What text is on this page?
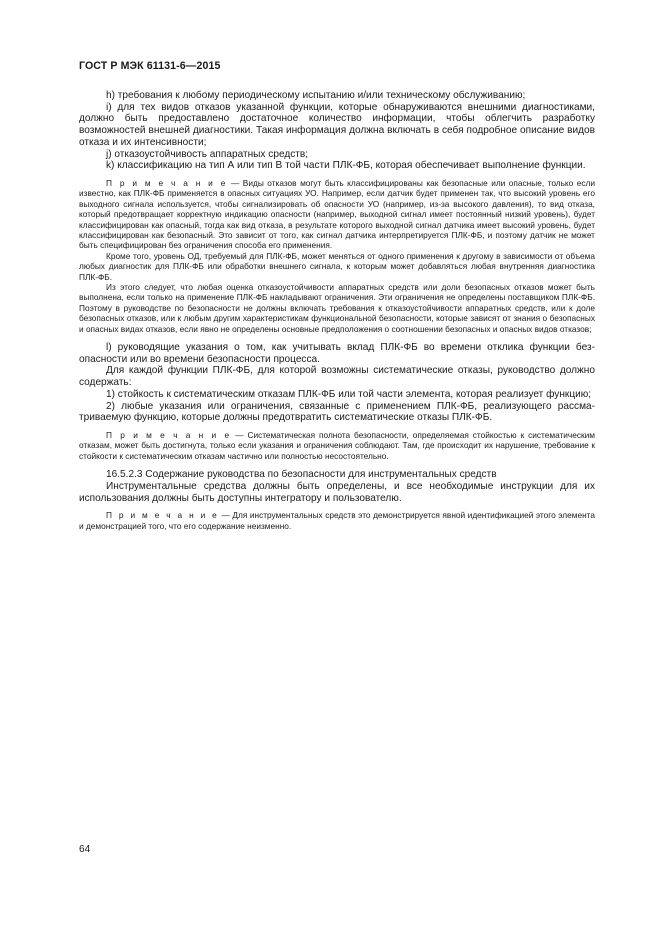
ГОСТ Р МЭК 61131-6—2015

h) требования к любому периодическому испытанию и/или техническому обслуживанию;

i) для тех видов отказов указанной функции, которые обнаруживаются внешними диагностиками, должно быть предоставлено достаточное количество информации, чтобы облегчить разработку возможностей внешней диагностики. Такая информация должна включать в себя подробное описание видов отказа и их интенсивности;

j) отказоустойчивость аппаратных средств;

k) классификацию на тип А или тип В той части ПЛК-ФБ, которая обеспечивает выполнение функции.

П р и м е ч а н и е — Виды отказов могут быть классифицированы как безопасные или опасные, только если известно, как ПЛК-ФБ применяется в опасных ситуациях УО. Например, если датчик будет применен так, что высокий уровень его выходного сигнала используется, чтобы сигнализировать об опасности УО (например, из-за высокого давления), то вид отказа, который предотвращает корректную индикацию опасности (например, выходной сигнал имеет постоянный низкий уровень), будет классифицирован как опасный, тогда как вид отказа, в результате которого выходной сигнал датчика имеет высокий уровень, будет классифицирован как безопасный. Это зависит от того, как сигнал датчика интерпретируется ПЛК-ФБ, и поэтому датчик не может быть специфицирован без ограничения способа его применения.

Кроме того, уровень ОД, требуемый для ПЛК-ФБ, может меняться от одного применения к другому в зависимости от объема любых диагностик для ПЛК-ФБ или обработки внешнего сигнала, к которым может добавляться любая внутренняя диагностика ПЛК-ФБ.

Из этого следует, что любая оценка отказоустойчивости аппаратных средств или доли безопасных отказов может быть выполнена, если только на применение ПЛК-ФБ накладывают ограничения. Эти ограничения не определены поставщиком ПЛК-ФБ. Поэтому в руководстве по безопасности не должны включать требования к отказоустойчивости аппаратных средств, или к доле безопасных отказов, или к любым другим характеристикам функциональной безопасности, которые зависят от знания о безопасных и опасных видах отказов, если явно не определены основные предположения о соотношении безопасных и опасных видов отказов;

l) руководящие указания о том, как учитывать вклад ПЛК-ФБ во времени отклика функции безопасности или во времени безопасности процесса.

Для каждой функции ПЛК-ФБ, для которой возможны систематические отказы, руководство должно содержать:

1) стойкость к систематическим отказам ПЛК-ФБ или той части элемента, которая реализует функцию;

2) любые указания или ограничения, связанные с применением ПЛК-ФБ, реализующего рассматриваемую функцию, которые должны предотвратить систематические отказы ПЛК-ФБ.

П р и м е ч а н и е — Систематическая полнота безопасности, определяемая стойкостью к систематическим отказам, может быть достигнута, только если указания и ограничения соблюдают. Там, где происходит их нарушение, требование к стойкости к систематическим отказам частично или полностью несостоятельно.

16.5.2.3 Содержание руководства по безопасности для инструментальных средств

Инструментальные средства должны быть определены, и все необходимые инструкции для их использования должны быть доступны интегратору и пользователю.

П р и м е ч а н и е — Для инструментальных средств это демонстрируется явной идентификацией этого элемента и демонстрацией того, что его содержание неизменно.

64
